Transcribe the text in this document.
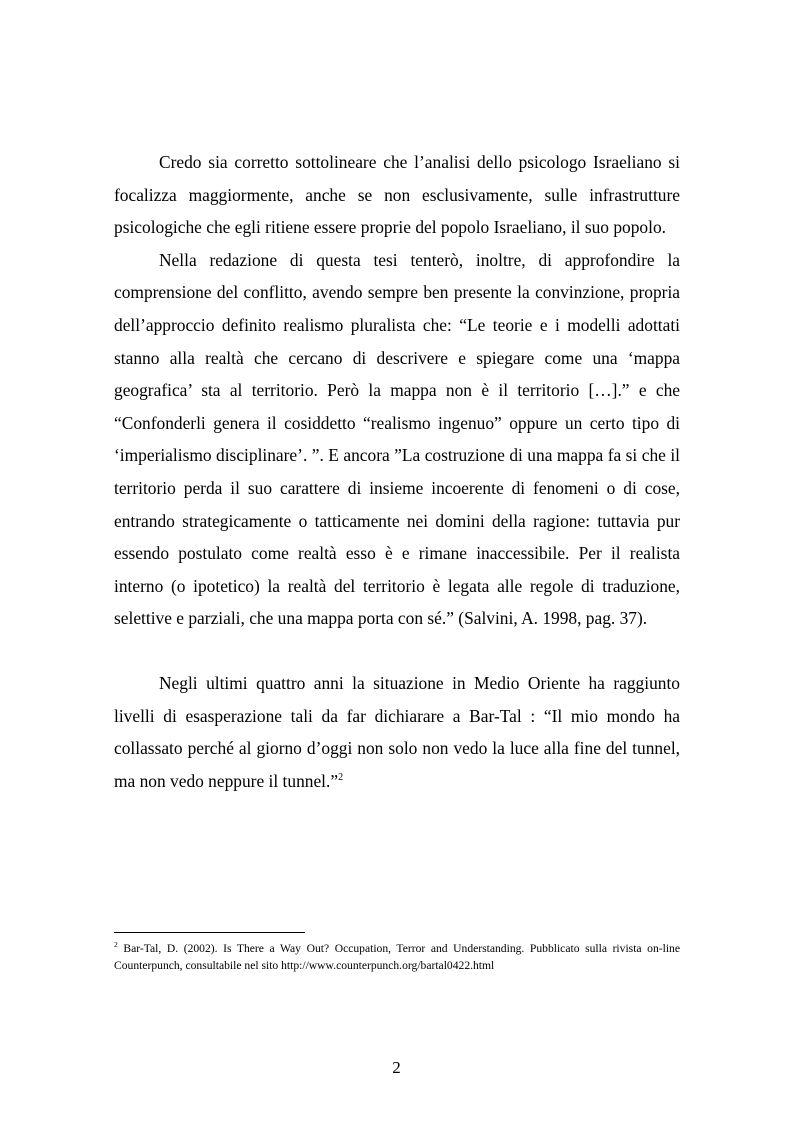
Credo sia corretto sottolineare che l’analisi dello psicologo Israeliano si focalizza maggiormente, anche se non esclusivamente, sulle infrastrutture psicologiche che egli ritiene essere proprie del popolo Israeliano, il suo popolo.

Nella redazione di questa tesi tenterò, inoltre, di approfondire la comprensione del conflitto, avendo sempre ben presente la convinzione, propria dell’approccio definito realismo pluralista che: “Le teorie e i modelli adottati stanno alla realtà che cercano di descrivere e spiegare come una ‘mappa geografica’ sta al territorio. Però la mappa non è il territorio […].” e che “Confonderli genera il cosiddetto “realismo ingenuo” oppure un certo tipo di ‘imperialismo disciplinare’. ”. E ancora ”La costruzione di una mappa fa si che il territorio perda il suo carattere di insieme incoerente di fenomeni o di cose, entrando strategicamente o tatticamente nei domini della ragione: tuttavia pur essendo postulato come realtà esso è e rimane inaccessibile. Per il realista interno (o ipotetico) la realtà del territorio è legata alle regole di traduzione, selettive e parziali, che una mappa porta con sé.” (Salvini, A. 1998, pag. 37).

Negli ultimi quattro anni la situazione in Medio Oriente ha raggiunto livelli di esasperazione tali da far dichiarare a Bar-Tal : “Il mio mondo ha collassato perché al giorno d’oggi non solo non vedo la luce alla fine del tunnel, ma non vedo neppure il tunnel.”$^2$

$^2$ Bar-Tal, D. (2002). Is There a Way Out? Occupation, Terror and Understanding. Pubblicato sulla rivista on-line Counterpunch, consultabile nel sito http://www.counterpunch.org/bartal0422.html
2
